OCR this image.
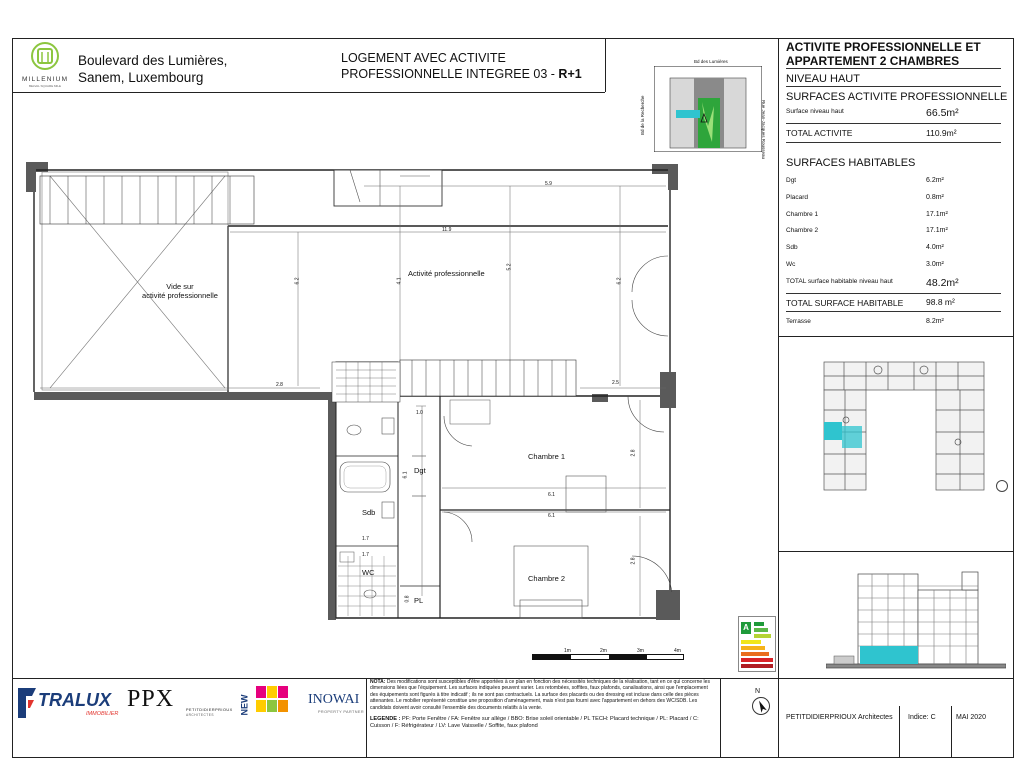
MILLENIUM
BELVAL SQUARE MILE
Boulevard des Lumières,
Sanem, Luxembourg
LOGEMENT AVEC ACTIVITE
PROFESSIONNELLE INTEGREE 03 - R+1
Bd des Lumières
Bd de la Recherche	Rue Jean-Jacques Rousseau
ACTIVITE PROFESSIONNELLE ET
APPARTEMENT 2 CHAMBRES
NIVEAU HAUT
SURFACES ACTIVITE PROFESSIONNELLE
Surface niveau haut	66.5m²
TOTAL ACTIVITE	110.9m²
SURFACES HABITABLES
Dgt	6.2m²
Placard	0.8m²
Chambre 1	17.1m²
Chambre 2	17.1m²
Sdb	4.0m²
Wc	3.0m²
TOTAL surface habitable niveau haut	48.2m²
TOTAL SURFACE HABITABLE	98.8 m²
Terrasse	8.2m²
Vide sur
activité professionnelle
Activité professionnelle
Dgt
Sdb
WC
PL
Chambre 1
Chambre 2
5.9
11.9
6.2	4.1
5.2
6.2
2.8	2.5
1.0
6.1
6.1
6.1
2.8
2.8
1.7
1.7
0.8
1m	2m	3m	4m
A
TRALUX
IMMOBILIER
PPX	PETITDIDIERPRIOUX
ARCHITECTES	NEW	INOWAI
PROPERTY PARTNER
NOTA: Des modifications sont susceptibles d'être apportées à ce plan en fonction des nécessités techniques de la réalisation, tant en ce qui concerne les dimensions liées que l'équipement. Les surfaces indiquées peuvent varier. Les retombées, soffites, faux plafonds, canalisations, ainsi que l'emplacement des équipements sont figurés à titre indicatif ; ils ne sont pas contractuels. La surface des placards ou des dressing est incluse dans celle des pièces attenantes. Le mobilier représenté constitue une proposition d'aménagement, mais n'est pas fourni avec l'appartement en dehors des WC/SDB. Les candidats doivent avoir consulté l'ensemble des documents relatifs à la vente.
LEGENDE : PF: Porte Fenêtre / FA: Fenêtre sur allège / BBO: Brise soleil orientable / PL TECH: Placard technique / PL: Placard / C: Cuisson / F: Réfrigérateur / LV: Lave Vaisselle / Soffite, faux plafond
N
PETITDIDIERPRIOUX Architectes Indice: C	MAI 2020
